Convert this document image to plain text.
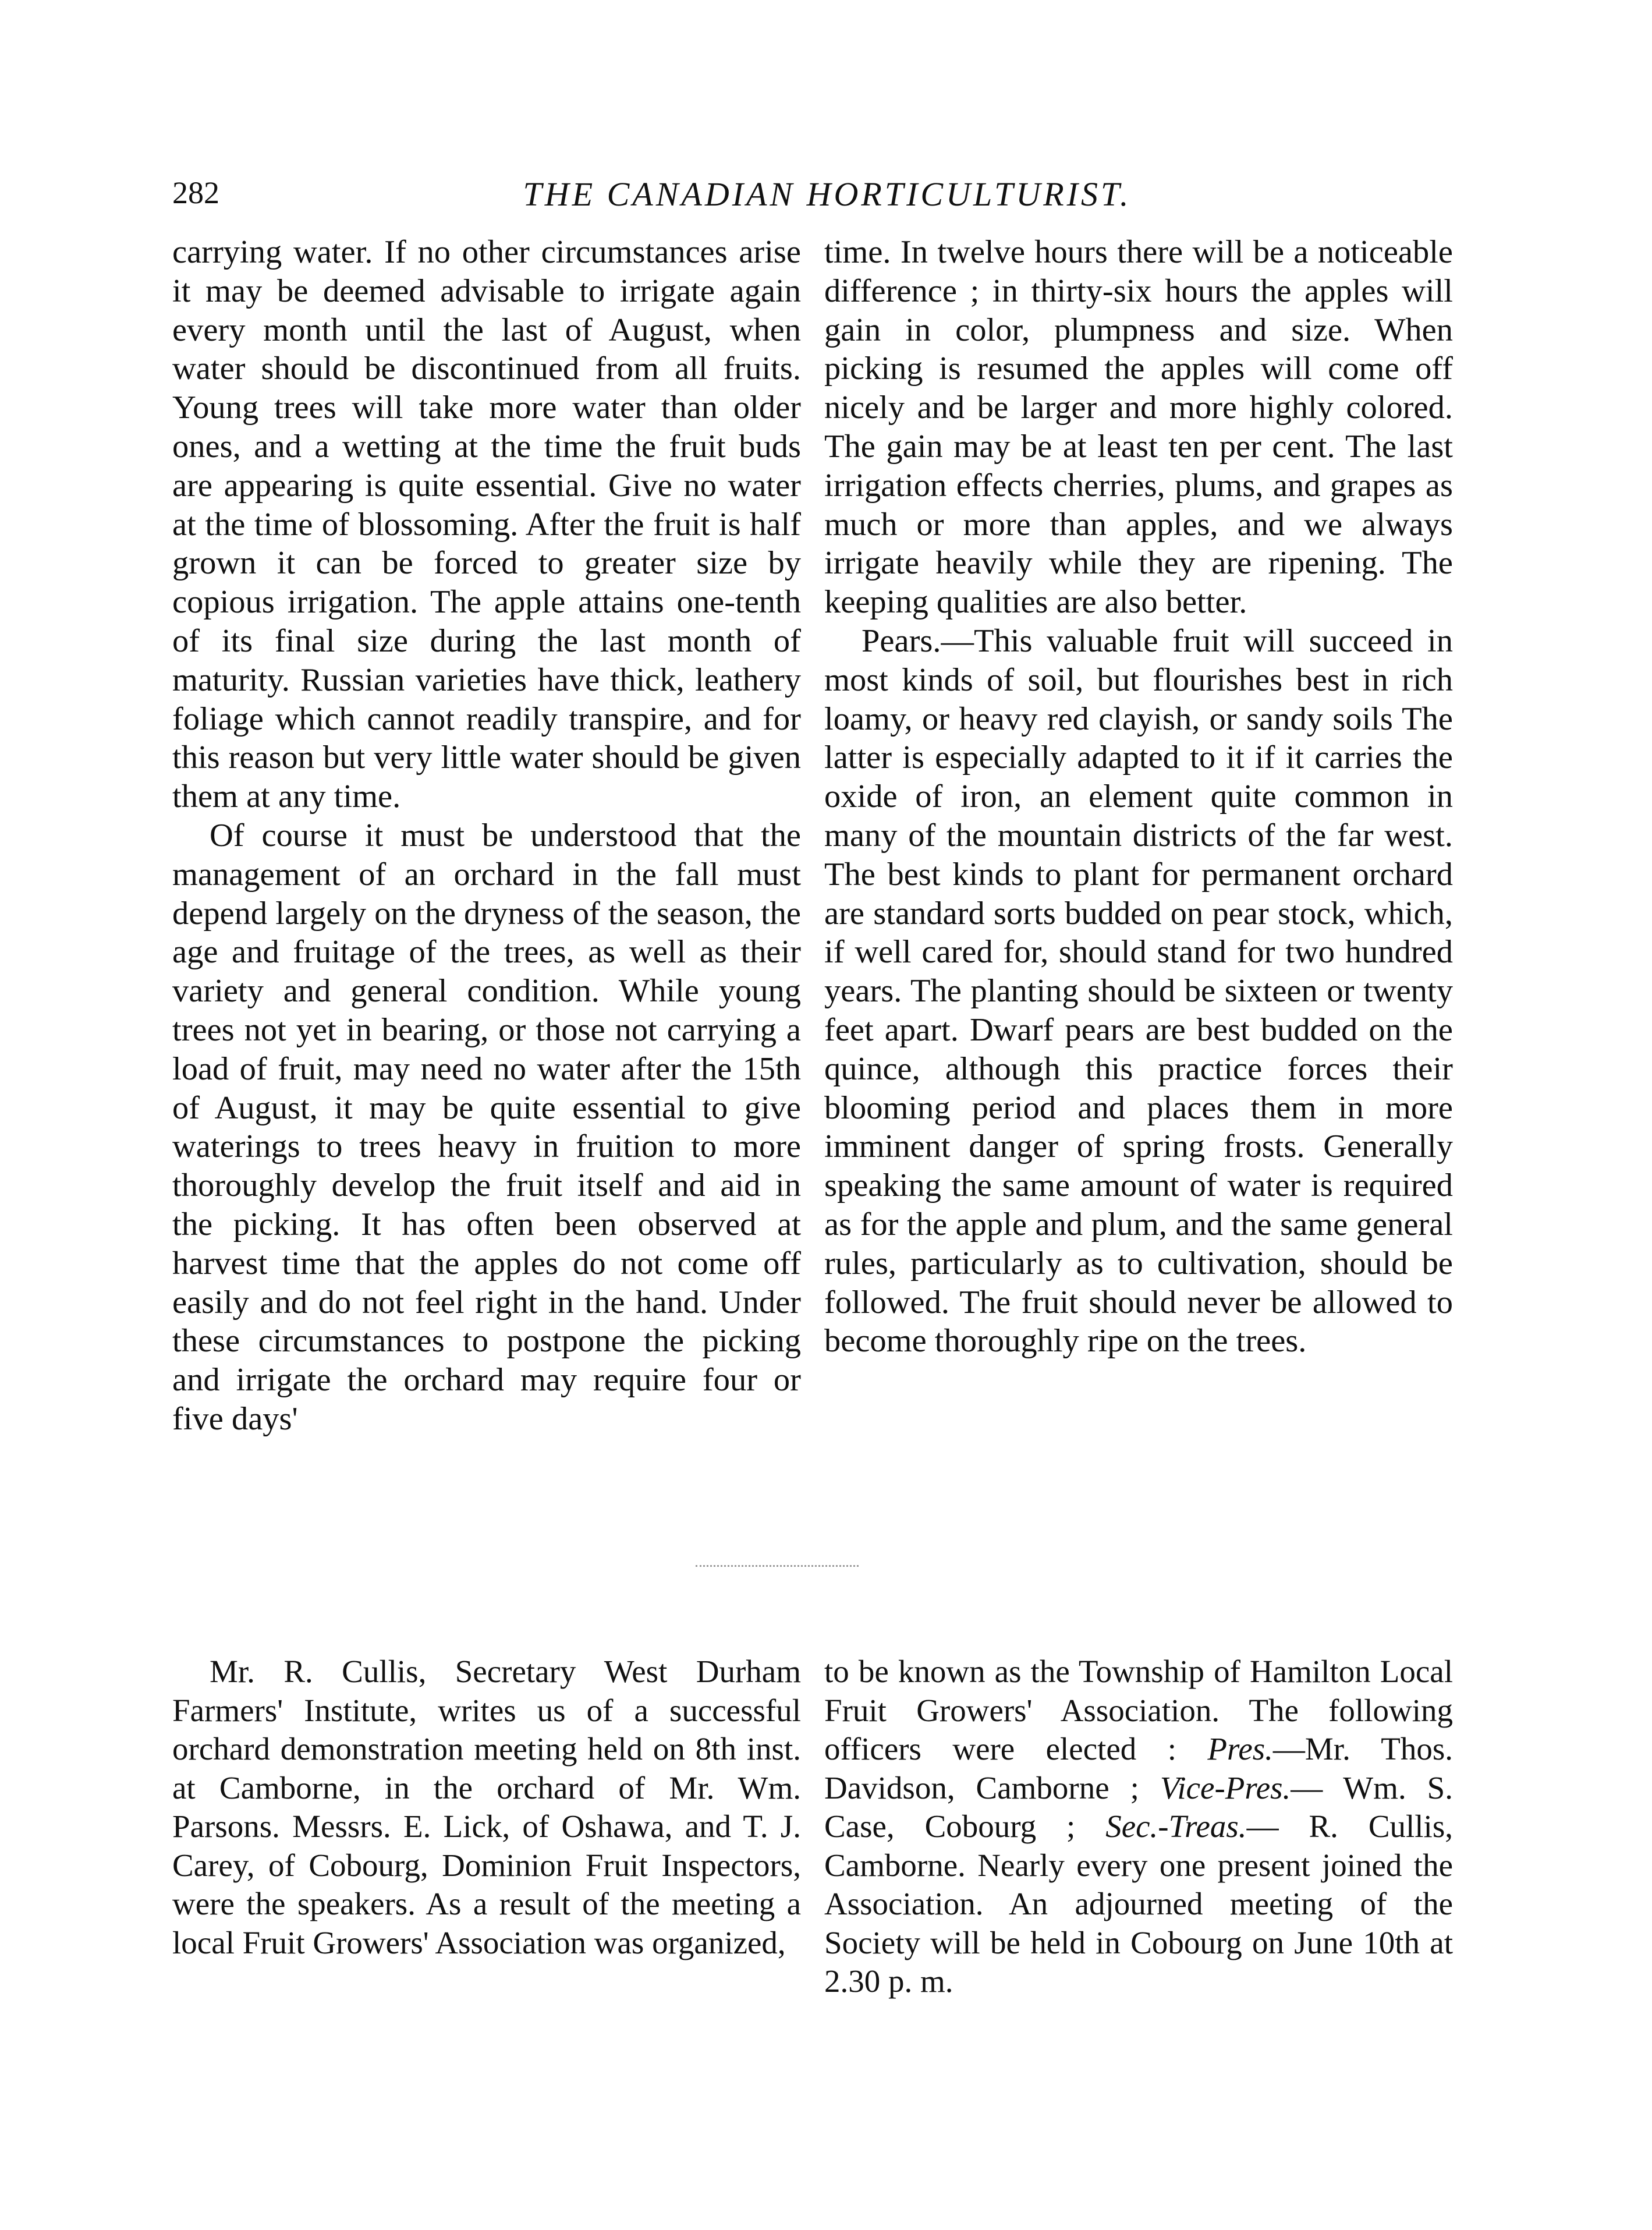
282	THE CANADIAN HORTICULTURIST.

carrying water. If no other circumstances arise it may be deemed advisable to irrigate again every month until the last of August, when water should be discontinued from all fruits. Young trees will take more water than older ones, and a wetting at the time the fruit buds are appearing is quite essential. Give no water at the time of blossoming. After the fruit is half grown it can be forced to greater size by copious irrigation. The apple attains one-tenth of its final size during the last month of maturity. Russian varieties have thick, leathery foliage which cannot readily transpire, and for this reason but very little water should be given them at any time.

Of course it must be understood that the management of an orchard in the fall must depend largely on the dryness of the season, the age and fruitage of the trees, as well as their variety and general condition. While young trees not yet in bearing, or those not carrying a load of fruit, may need no water after the 15th of August, it may be quite essential to give waterings to trees heavy in fruition to more thoroughly develop the fruit itself and aid in the picking. It has often been observed at harvest time that the apples do not come off easily and do not feel right in the hand. Under these circumstances to postpone the picking and irrigate the orchard may require four or five days'

time. In twelve hours there will be a noticeable difference ; in thirty-six hours the apples will gain in color, plumpness and size. When picking is resumed the apples will come off nicely and be larger and more highly colored. The gain may be at least ten per cent. The last irrigation effects cherries, plums, and grapes as much or more than apples, and we always irrigate heavily while they are ripening. The keeping qualities are also better.

Pears.—This valuable fruit will succeed in most kinds of soil, but flourishes best in rich loamy, or heavy red clayish, or sandy soils The latter is especially adapted to it if it carries the oxide of iron, an element quite common in many of the mountain districts of the far west. The best kinds to plant for permanent orchard are standard sorts budded on pear stock, which, if well cared for, should stand for two hundred years. The planting should be sixteen or twenty feet apart. Dwarf pears are best budded on the quince, although this practice forces their blooming period and places them in more imminent danger of spring frosts. Generally speaking the same amount of water is required as for the apple and plum, and the same general rules, particularly as to cultivation, should be followed. The fruit should never be allowed to become thoroughly ripe on the trees.

Mr. R. Cullis, Secretary West Durham Farmers' Institute, writes us of a successful orchard demonstration meeting held on 8th inst. at Camborne, in the orchard of Mr. Wm. Parsons. Messrs. E. Lick, of Oshawa, and T. J. Carey, of Cobourg, Dominion Fruit Inspectors, were the speakers. As a result of the meeting a local Fruit Growers' Association was organized,

to be known as the Township of Hamilton Local Fruit Growers' Association. The following officers were elected : Pres.—Mr. Thos. Davidson, Camborne ; Vice-Pres.— Wm. S. Case, Cobourg ; Sec.-Treas.— R. Cullis, Camborne. Nearly every one present joined the Association. An adjourned meeting of the Society will be held in Cobourg on June 10th at 2.30 p. m.
